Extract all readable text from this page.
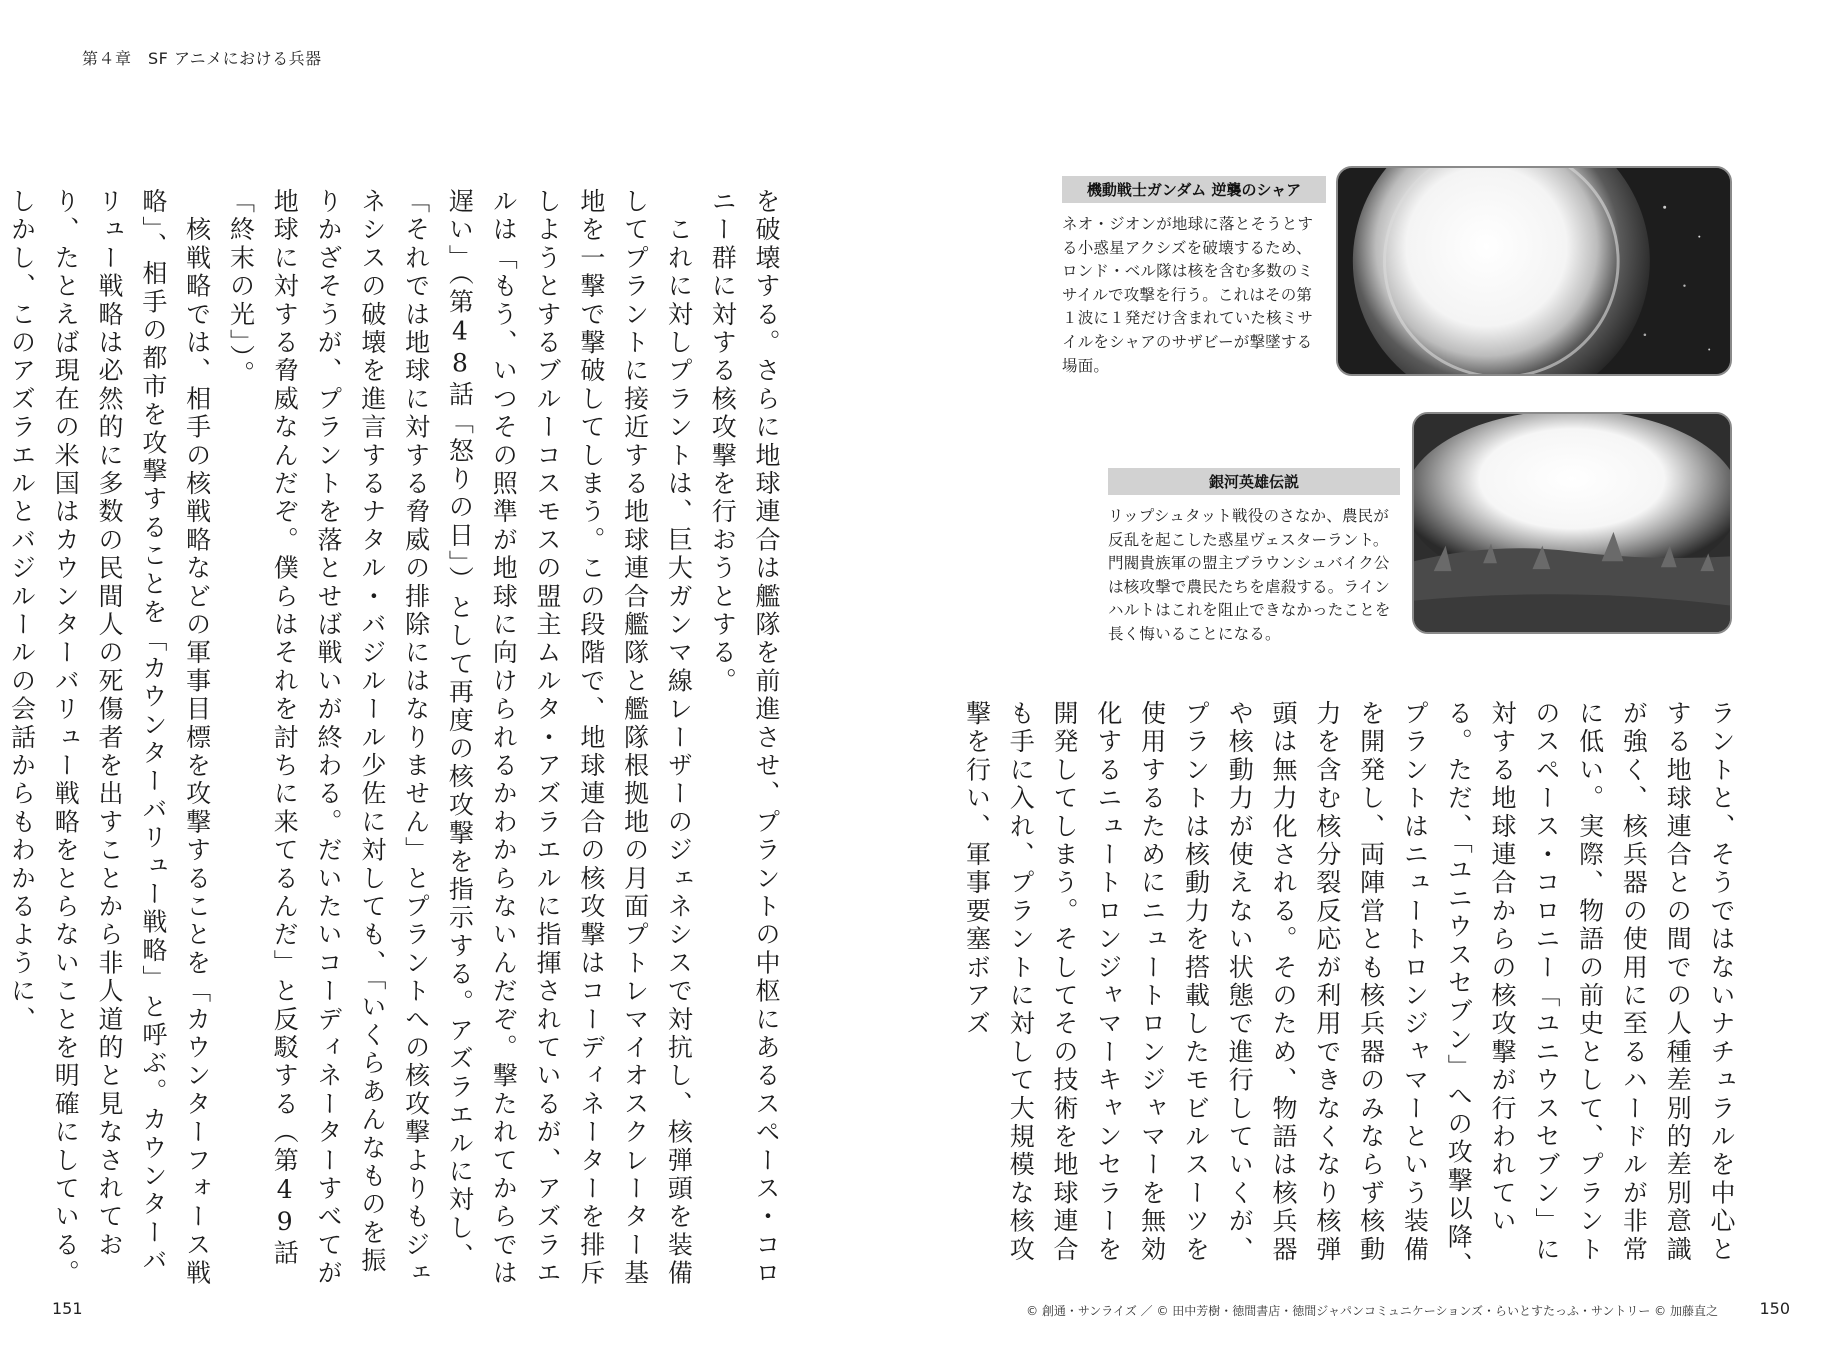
第４章　SF アニメにおける兵器

を破壊する。さらに地球連合は艦隊を前進させ、プラントの中枢にあるスペース・コロニー群に対する核攻撃を行おうとする。

　これに対しプラントは、巨大ガンマ線レーザーのジェネシスで対抗し、核弾頭を装備してプラントに接近する地球連合艦隊と艦隊根拠地の月面プトレマイオスクレーター基地を一撃で撃破してしまう。この段階で、地球連合の核攻撃はコーディネーターを排斥しようとするブルーコスモスの盟主ムルタ・アズラエルに指揮されているが、アズラエルは「もう、いつその照準が地球に向けられるかわからないんだぞ。撃たれてからでは遅い」（第48話「怒りの日」）として再度の核攻撃を指示する。アズラエルに対し、「それでは地球に対する脅威の排除にはなりません」とプラントへの核攻撃よりもジェネシスの破壊を進言するナタル・バジルール少佐に対しても、「いくらあんなものを振りかざそうが、プラントを落とせば戦いが終わる。だいたいコーディネーターすべてが地球に対する脅威なんだぞ。僕らはそれを討ちに来てるんだ」と反駁する（第49話「終末の光」）。

　核戦略では、相手の核戦略などの軍事目標を攻撃することを「カウンターフォース戦略」、相手の都市を攻撃することを「カウンターバリュー戦略」と呼ぶ。カウンターバリュー戦略は必然的に多数の民間人の死傷者を出すことから非人道的と見なされており、たとえば現在の米国はカウンターバリュー戦略をとらないことを明確にしている。しかし、このアズラエルとバジルールの会話からもわかるように、	機動戦士ガンダム 逆襲のシャア

ネオ・ジオンが地球に落とそうとする小惑星アクシズを破壊するため、ロンド・ベル隊は核を含む多数のミサイルで攻撃を行う。これはその第１波に１発だけ含まれていた核ミサイルをシャアのサザビーが撃墜する場面。

銀河英雄伝説

リップシュタット戦役のさなか、農民が反乱を起こした惑星ヴェスターラント。門閥貴族軍の盟主ブラウンシュバイク公は核攻撃で農民たちを虐殺する。ラインハルトはこれを阻止できなかったことを長く悔いることになる。

ラントと、そうではないナチュラルを中心とする地球連合との間での人種差別的差別意識が強く、核兵器の使用に至るハードルが非常に低い。実際、物語の前史として、プラントのスペース・コロニー「ユニウスセブン」に対する地球連合からの核攻撃が行われている。ただ、「ユニウスセブン」への攻撃以降、プラントはニュートロンジャマーという装備を開発し、両陣営とも核兵器のみならず核動力を含む核分裂反応が利用できなくなり核弾頭は無力化される。そのため、物語は核兵器や核動力が使えない状態で進行していくが、プラントは核動力を搭載したモビルスーツを使用するためにニュートロンジャマーを無効化するニュートロンジャマーキャンセラーを開発してしまう。そしてその技術を地球連合も手に入れ、プラントに対して大規模な核攻撃を行い、軍事要塞ボアズ

151	© 創通・サンライズ ／ © 田中芳樹・徳間書店・徳間ジャパンコミュニケーションズ・らいとすたっふ・サントリー © 加藤直之	150
